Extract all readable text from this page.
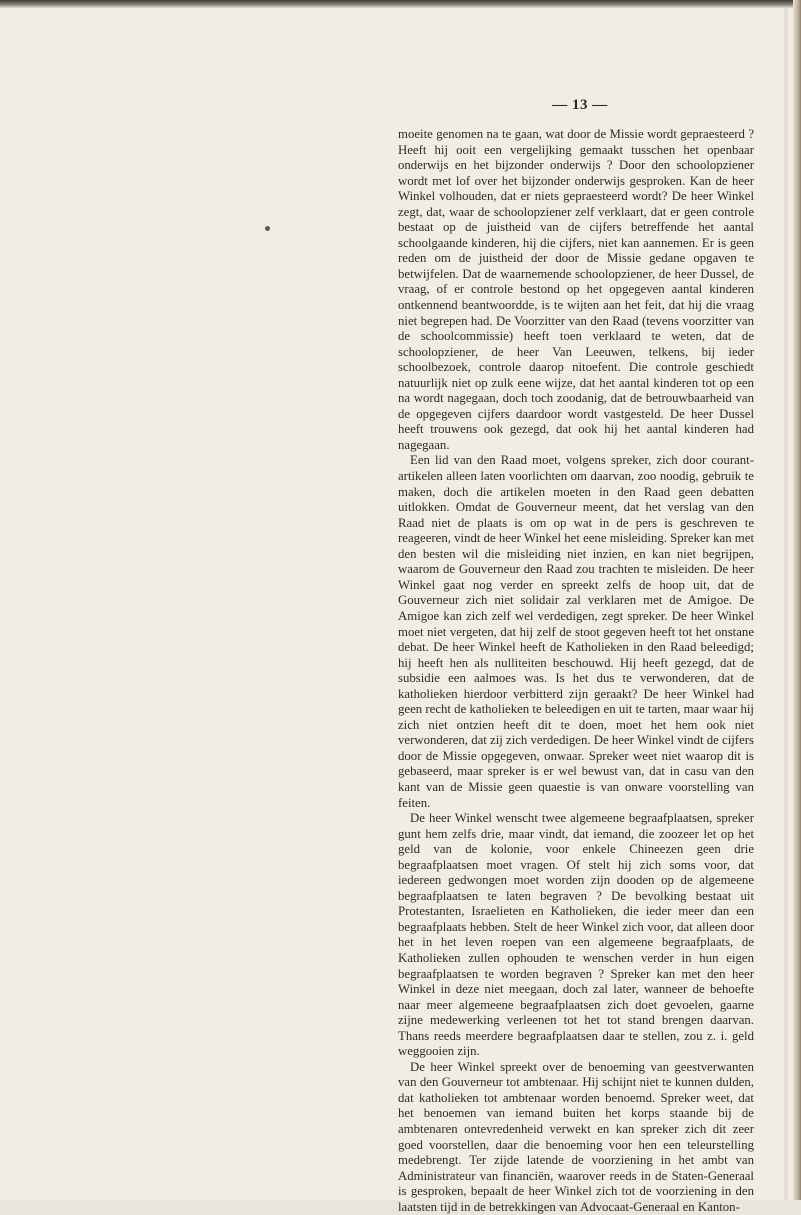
— 13 —

moeite genomen na te gaan, wat door de Missie wordt gepraesteerd ? Heeft hij ooit een vergelijking gemaakt tusschen het openbaar onderwijs en het bijzonder onderwijs ? Door den schoolopziener wordt met lof over het bijzonder onderwijs gesproken. Kan de heer Winkel volhouden, dat er niets gepraesteerd wordt? De heer Winkel zegt, dat, waar de schoolopziener zelf verklaart, dat er geen controle bestaat op de juistheid van de cijfers betreffende het aantal schoolgaande kinderen, hij die cijfers, niet kan aannemen. Er is geen reden om de juistheid der door de Missie gedane opgaven te betwijfelen. Dat de waarnemende schoolopziener, de heer Dussel, de vraag, of er controle bestond op het opgegeven aantal kinderen ontkennend beantwoordde, is te wijten aan het feit, dat hij die vraag niet begrepen had. De Voorzitter van den Raad (tevens voorzitter van de schoolcommissie) heeft toen verklaard te weten, dat de schoolopziener, de heer Van Leeuwen, telkens, bij ieder schoolbezoek, controle daarop nitoefent. Die controle geschiedt natuurlijk niet op zulk eene wijze, dat het aantal kinderen tot op een na wordt nagegaan, doch toch zoodanig, dat de betrouwbaarheid van de opgegeven cijfers daardoor wordt vastgesteld. De heer Dussel heeft trouwens ook gezegd, dat ook hij het aantal kinderen had nagegaan.

Een lid van den Raad moet, volgens spreker, zich door courant-artikelen alleen laten voorlichten om daarvan, zoo noodig, gebruik te maken, doch die artikelen moeten in den Raad geen debatten uitlokken. Omdat de Gouverneur meent, dat het verslag van den Raad niet de plaats is om op wat in de pers is geschreven te reageeren, vindt de heer Winkel het eene misleiding. Spreker kan met den besten wil die misleiding niet inzien, en kan niet begrijpen, waarom de Gouverneur den Raad zou trachten te misleiden. De heer Winkel gaat nog verder en spreekt zelfs de hoop uit, dat de Gouverneur zich niet solidair zal verklaren met de Amigoe. De Amigoe kan zich zelf wel verdedigen, zegt spreker. De heer Winkel moet niet vergeten, dat hij zelf de stoot gegeven heeft tot het onstane debat. De heer Winkel heeft de Katholieken in den Raad beleedigd; hij heeft hen als nulliteiten beschouwd. Hij heeft gezegd, dat de subsidie een aalmoes was. Is het dus te verwonderen, dat de katholieken hierdoor verbitterd zijn geraakt? De heer Winkel had geen recht de katholieken te beleedigen en uit te tarten, maar waar hij zich niet ontzien heeft dit te doen, moet het hem ook niet verwonderen, dat zij zich verdedigen. De heer Winkel vindt de cijfers door de Missie opgegeven, onwaar. Spreker weet niet waarop dit is gebaseerd, maar spreker is er wel bewust van, dat in casu van den kant van de Missie geen quaestie is van onware voorstelling van feiten.

De heer Winkel wenscht twee algemeene begraafplaatsen, spreker gunt hem zelfs drie, maar vindt, dat iemand, die zoozeer let op het geld van de kolonie, voor enkele Chineezen geen drie begraafplaatsen moet vragen. Of stelt hij zich soms voor, dat iedereen gedwongen moet worden zijn dooden op de algemeene begraafplaatsen te laten begraven ? De bevolking bestaat uit Protestanten, Israelieten en Katholieken, die ieder meer dan een begraafplaats hebben. Stelt de heer Winkel zich voor, dat alleen door het in het leven roepen van een algemeene begraafplaats, de Katholieken zullen ophouden te wenschen verder in hun eigen begraafplaatsen te worden begraven ? Spreker kan met den heer Winkel in deze niet meegaan, doch zal later, wanneer de behoefte naar meer algemeene begraafplaatsen zich doet gevoelen, gaarne zijne medewerking verleenen tot het tot stand brengen daarvan. Thans reeds meerdere begraafplaatsen daar te stellen, zou z. i. geld weggooien zijn.

De heer Winkel spreekt over de benoeming van geestverwanten van den Gouverneur tot ambtenaar. Hij schijnt niet te kunnen dulden, dat katholieken tot ambtenaar worden benoemd. Spreker weet, dat het benoemen van iemand buiten het korps staande bij de ambtenaren ontevredenheid verwekt en kan spreker zich dit zeer goed voorstellen, daar die benoeming voor hen een teleurstelling medebrengt. Ter zijde latende de voorziening in het ambt van Administrateur van financiën, waarover reeds in de Staten-Generaal is gesproken, bepaalt de heer Winkel zich tot de voorziening in den laatsten tijd in de betrekkingen van Advocaat-Generaal en Kanton-
